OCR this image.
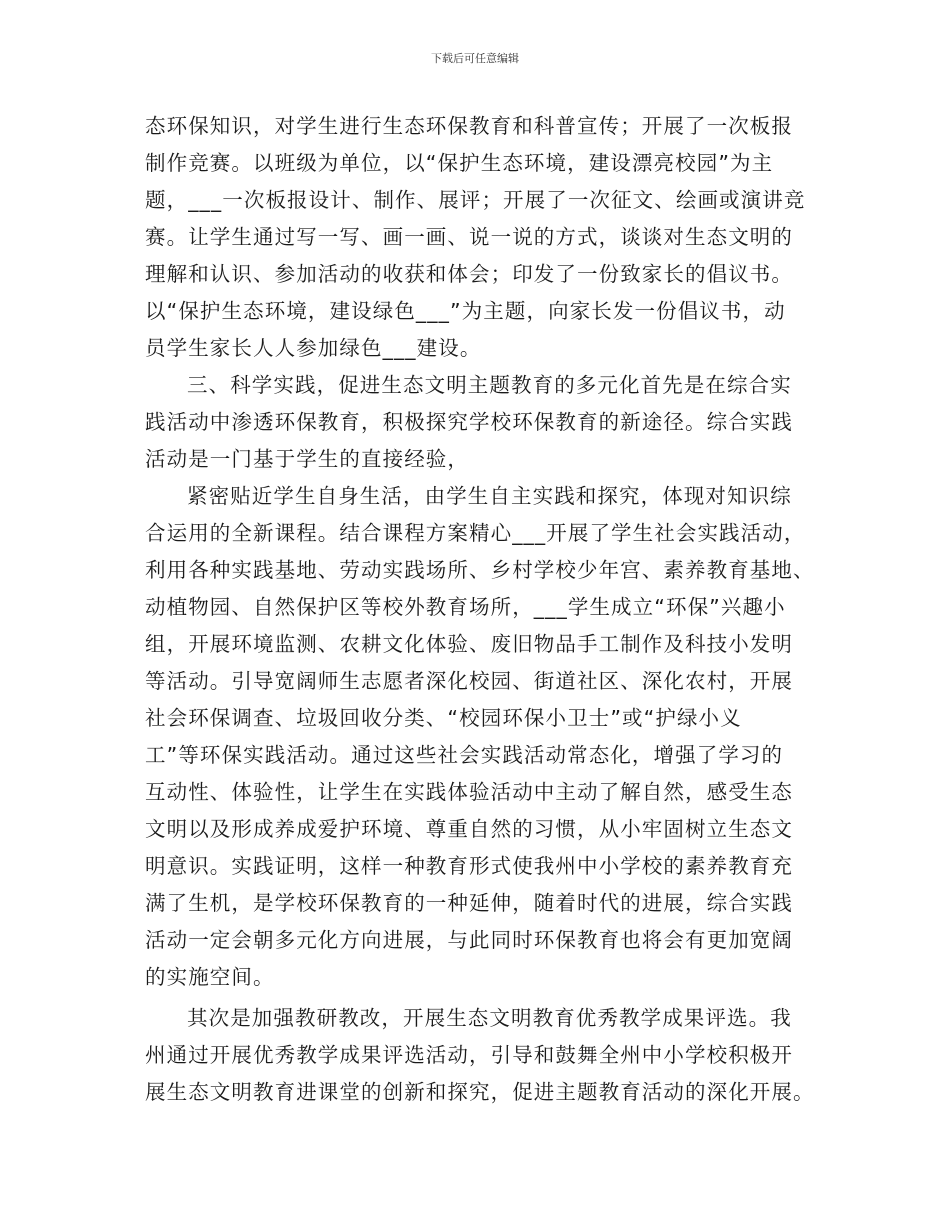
下载后可任意编辑
态环保知识，对学生进行生态环保教育和科普宣传；开展了一次板报
制作竞赛。以班级为单位，以“保护生态环境，建设漂亮校园”为主
题，___一次板报设计、制作、展评；开展了一次征文、绘画或演讲竞
赛。让学生通过写一写、画一画、说一说的方式，谈谈对生态文明的
理解和认识、参加活动的收获和体会；印发了一份致家长的倡议书。
以“保护生态环境，建设绿色___”为主题，向家长发一份倡议书，动
员学生家长人人参加绿色___建设。
三、科学实践，促进生态文明主题教育的多元化首先是在综合实
践活动中渗透环保教育，积极探究学校环保教育的新途径。综合实践
活动是一门基于学生的直接经验，
紧密贴近学生自身生活，由学生自主实践和探究，体现对知识综
合运用的全新课程。结合课程方案精心___开展了学生社会实践活动，
利用各种实践基地、劳动实践场所、乡村学校少年宫、素养教育基地、
动植物园、自然保护区等校外教育场所，___学生成立“环保”兴趣小
组，开展环境监测、农耕文化体验、废旧物品手工制作及科技小发明
等活动。引导宽阔师生志愿者深化校园、街道社区、深化农村，开展
社会环保调查、垃圾回收分类、“校园环保小卫士”或“护绿小义
工”等环保实践活动。通过这些社会实践活动常态化，增强了学习的
互动性、体验性，让学生在实践体验活动中主动了解自然，感受生态
文明以及形成养成爱护环境、尊重自然的习惯，从小牢固树立生态文
明意识。实践证明，这样一种教育形式使我州中小学校的素养教育充
满了生机，是学校环保教育的一种延伸，随着时代的进展，综合实践
活动一定会朝多元化方向进展，与此同时环保教育也将会有更加宽阔
的实施空间。
其次是加强教研教改，开展生态文明教育优秀教学成果评选。我
州通过开展优秀教学成果评选活动，引导和鼓舞全州中小学校积极开
展生态文明教育进课堂的创新和探究，促进主题教育活动的深化开展。
